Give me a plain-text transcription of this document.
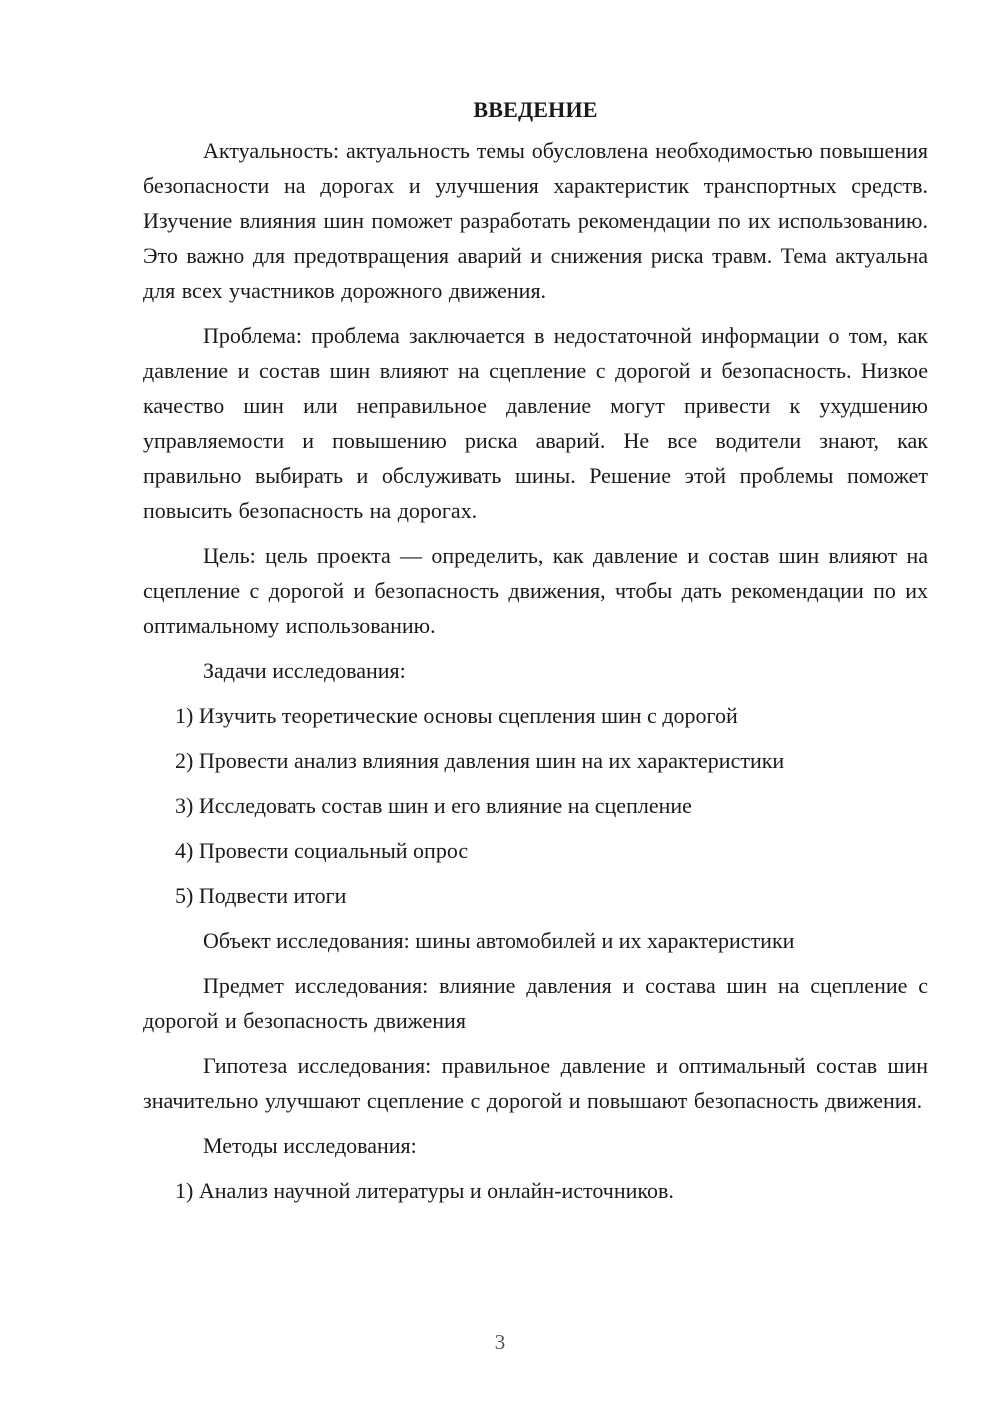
ВВЕДЕНИЕ

Актуальность: актуальность темы обусловлена необходимостью повышения безопасности на дорогах и улучшения характеристик транспортных средств. Изучение влияния шин поможет разработать рекомендации по их использованию. Это важно для предотвращения аварий и снижения риска травм. Тема актуальна для всех участников дорожного движения.

Проблема: проблема заключается в недостаточной информации о том, как давление и состав шин влияют на сцепление с дорогой и безопасность. Низкое качество шин или неправильное давление могут привести к ухудшению управляемости и повышению риска аварий. Не все водители знают, как правильно выбирать и обслуживать шины. Решение этой проблемы поможет повысить безопасность на дорогах.

Цель: цель проекта — определить, как давление и состав шин влияют на сцепление с дорогой и безопасность движения, чтобы дать рекомендации по их оптимальному использованию.

Задачи исследования:

1) Изучить теоретические основы сцепления шин с дорогой

2) Провести анализ влияния давления шин на их характеристики

3) Исследовать состав шин и его влияние на сцепление

4) Провести социальный опрос

5) Подвести итоги

Объект исследования: шины автомобилей и их характеристики

Предмет исследования: влияние давления и состава шин на сцепление с дорогой и безопасность движения

Гипотеза исследования: правильное давление и оптимальный состав шин значительно улучшают сцепление с дорогой и повышают безопасность движения.

Методы исследования:

1) Анализ научной литературы и онлайн-источников.

3
